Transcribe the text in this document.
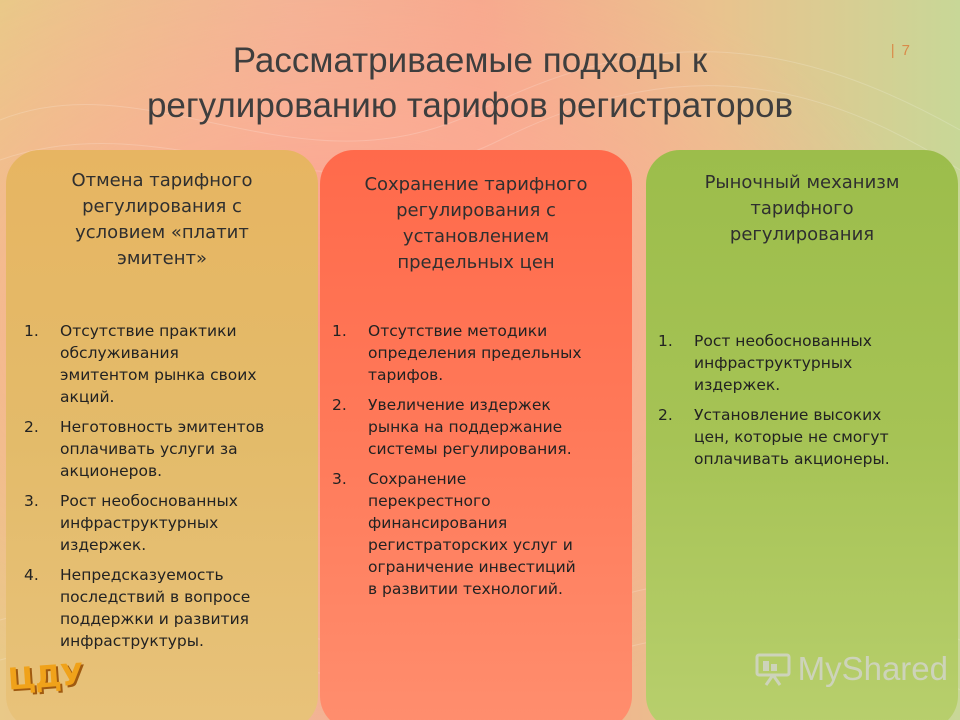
Рассматриваемые подходы к
регулированию тарифов регистраторов
| 7
Отмена тарифного
регулирования с
условием «платит
эмитент»
1. Отсутствие практики
обслуживания
эмитентом рынка своих
акций.
2. Неготовность эмитентов
оплачивать услуги за
акционеров.
3. Рост необоснованных
инфраструктурных
издержек.
4. Непредсказуемость
последствий в вопросе
поддержки и развития
инфраструктуры.
Сохранение тарифного
регулирования с
установлением
предельных цен
1. Отсутствие методики
определения предельных
тарифов.
2. Увеличение издержек
рынка на поддержание
системы регулирования.
3. Сохранение
перекрестного
финансирования
регистраторских услуг и
ограничение инвестиций
в развитии технологий.
Рыночный механизм
тарифного
регулирования
1. Рост необоснованных
инфраструктурных
издержек.
2. Установление высоких
цен, которые не смогут
оплачивать акционеры.
ЦДУ	MyShared
